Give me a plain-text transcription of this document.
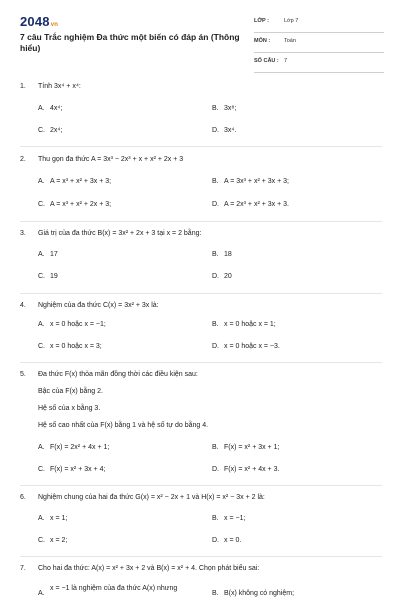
2048vn
7 câu Trắc nghiệm Đa thức một biến có đáp án (Thông hiểu)
LỚP :	Lớp 7
MÔN :	Toán
SỐ CÂU : 7
1. Tính 3x⁴ + x⁴:
A. 4x⁴;	B. 3x⁸;
C. 2x⁴;	D. 3x⁴.
2. Thu gọn đa thức A = 3x³ − 2x³ + x + x² + 2x + 3
A. A = x³ + x² + 3x + 3;	B. A = 3x³ + x² + 3x + 3;
C. A = x³ + x² + 2x + 3;	D. A = 2x³ + x² + 3x + 3.
3. Giá trị của đa thức B(x) = 3x² + 2x + 3 tại x = 2 bằng:
A. 17	B. 18
C. 19	D. 20
4. Nghiệm của đa thức C(x) = 3x² + 3x là:
A. x = 0 hoặc x = −1;	B. x = 0 hoặc x = 1;
C. x = 0 hoặc x = 3;	D. x = 0 hoặc x = −3.
5. Đa thức F(x) thỏa mãn đồng thời các điều kiện sau:
Bậc của F(x) bằng 2.
Hệ số của x bằng 3.
Hệ số cao nhất của F(x) bằng 1 và hệ số tự do bằng 4.
A. F(x) = 2x² + 4x + 1;	B. F(x) = x² + 3x + 1;
C. F(x) = x² + 3x + 4;	D. F(x) = x² + 4x + 3.
6. Nghiệm chung của hai đa thức G(x) = x² − 2x + 1 và H(x) = x² − 3x + 2 là:
A. x = 1;	B. x = −1;
C. x = 2;	D. x = 0.
7. Cho hai đa thức: A(x) = x² + 3x + 2 và B(x) = x² + 4. Chọn phát biểu sai:
A.x = −1 là nghiệm của đa thức A(x) nhưng
B. B(x) không có nghiệm;
